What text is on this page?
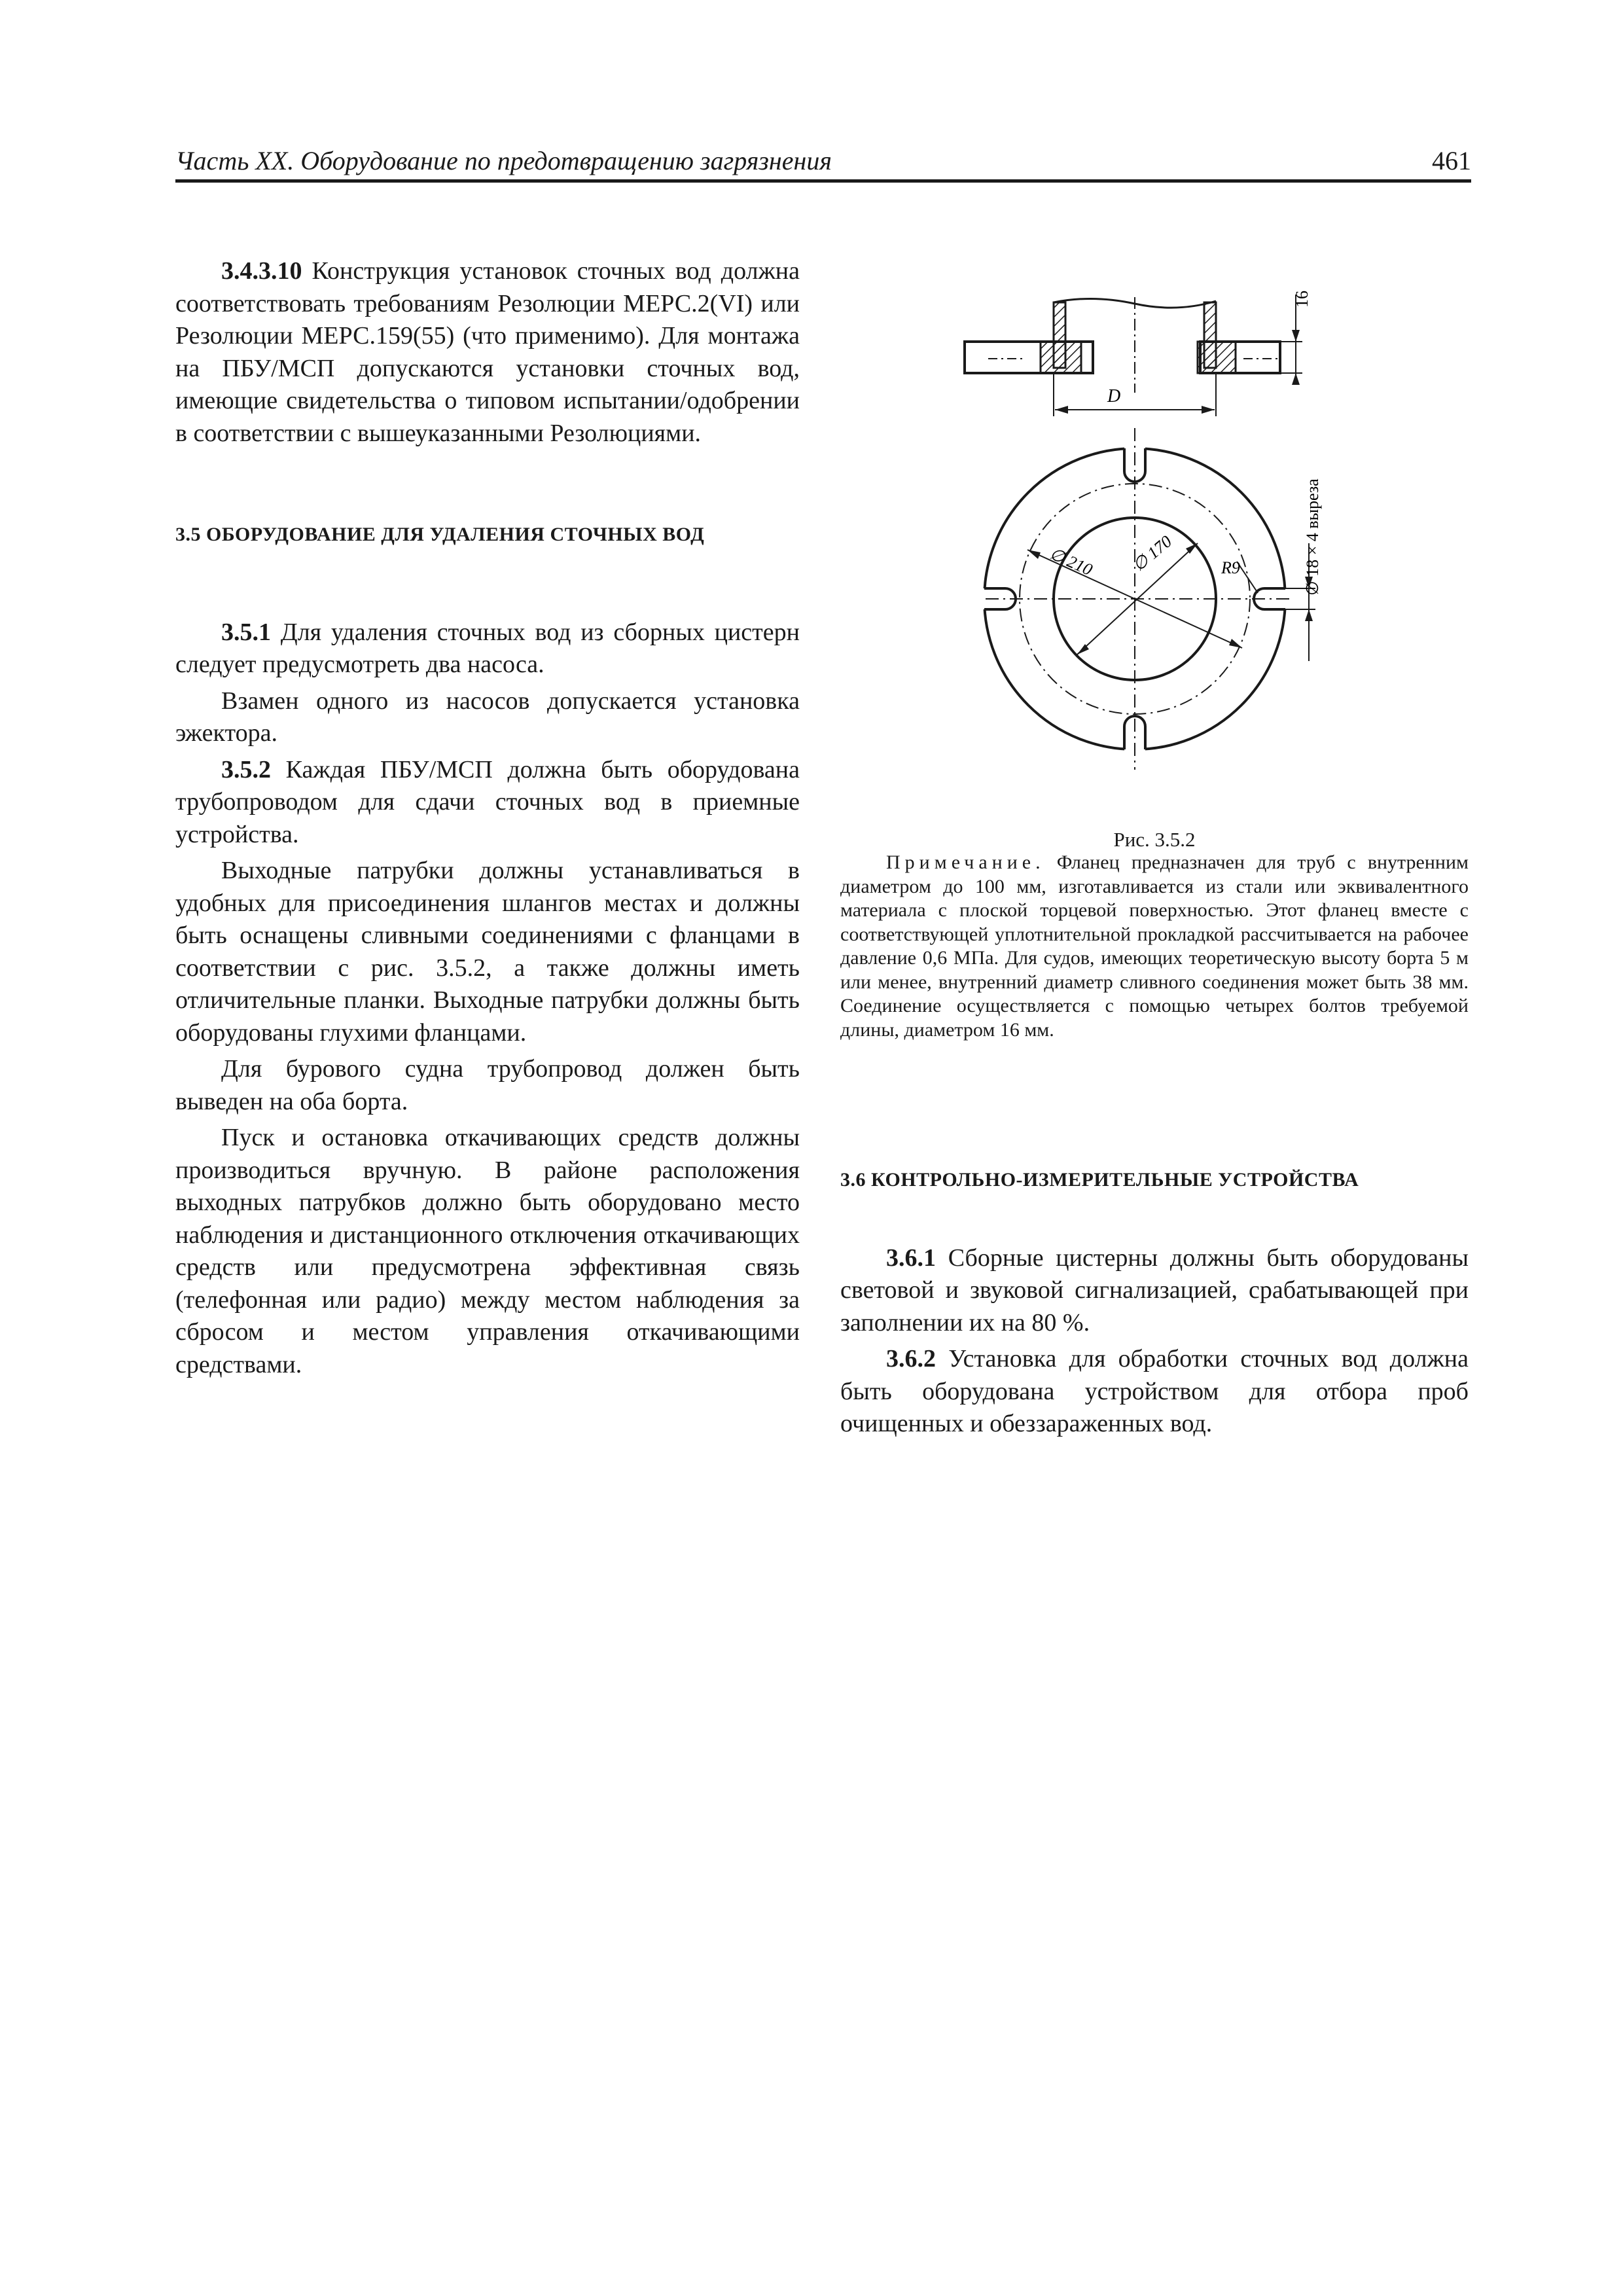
Часть XX. Оборудование по предотвращению загрязнения	461

3.4.3.10 Конструкция установок сточных вод должна соответствовать требованиям Резолюции МЕРС.2(VI) или Резолюции МЕРС.159(55) (что применимо). Для монтажа на ПБУ/МСП допускаются установки сточных вод, имеющие свидетельства о типовом испытании/одобрении в соответствии с вышеуказанными Резолюциями.

3.5 ОБОРУДОВАНИЕ ДЛЯ УДАЛЕНИЯ СТОЧНЫХ ВОД

3.5.1 Для удаления сточных вод из сборных цистерн следует предусмотреть два насоса.

Взамен одного из насосов допускается установка эжектора.

3.5.2 Каждая ПБУ/МСП должна быть оборудована трубопроводом для сдачи сточных вод в приемные устройства.

Выходные патрубки должны устанавливаться в удобных для присоединения шлангов местах и должны быть оснащены сливными соединениями с фланцами в соответствии с рис. 3.5.2, а также должны иметь отличительные планки. Выходные патрубки должны быть оборудованы глухими фланцами.

Для бурового судна трубопровод должен быть выведен на оба борта.

Пуск и остановка откачивающих средств должны производиться вручную. В районе расположения выходных патрубков должно быть оборудовано место наблюдения и дистанционного отключения откачивающих средств или предусмотрена эффективная связь (телефонная или радио) между местом наблюдения за сбросом и местом управления откачивающими средствами.

D
16
∅ 210 ∅ 170	R9	∅ 18 × 4 выреза
Рис. 3.5.2
Примечание. Фланец предназначен для труб с внутренним диаметром до 100 мм, изготавливается из стали или эквивалентного материала с плоской торцевой поверхностью. Этот фланец вместе с соответствующей уплотнительной прокладкой рассчитывается на рабочее давление 0,6 МПа. Для судов, имеющих теоретическую высоту борта 5 м или менее, внутренний диаметр сливного соединения может быть 38 мм. Соединение осуществляется с помощью четырех болтов требуемой длины, диаметром 16 мм.

3.6 КОНТРОЛЬНО-ИЗМЕРИТЕЛЬНЫЕ УСТРОЙСТВА

3.6.1 Сборные цистерны должны быть оборудованы световой и звуковой сигнализацией, срабатывающей при заполнении их на 80 %.

3.6.2 Установка для обработки сточных вод должна быть оборудована устройством для отбора проб очищенных и обеззараженных вод.
